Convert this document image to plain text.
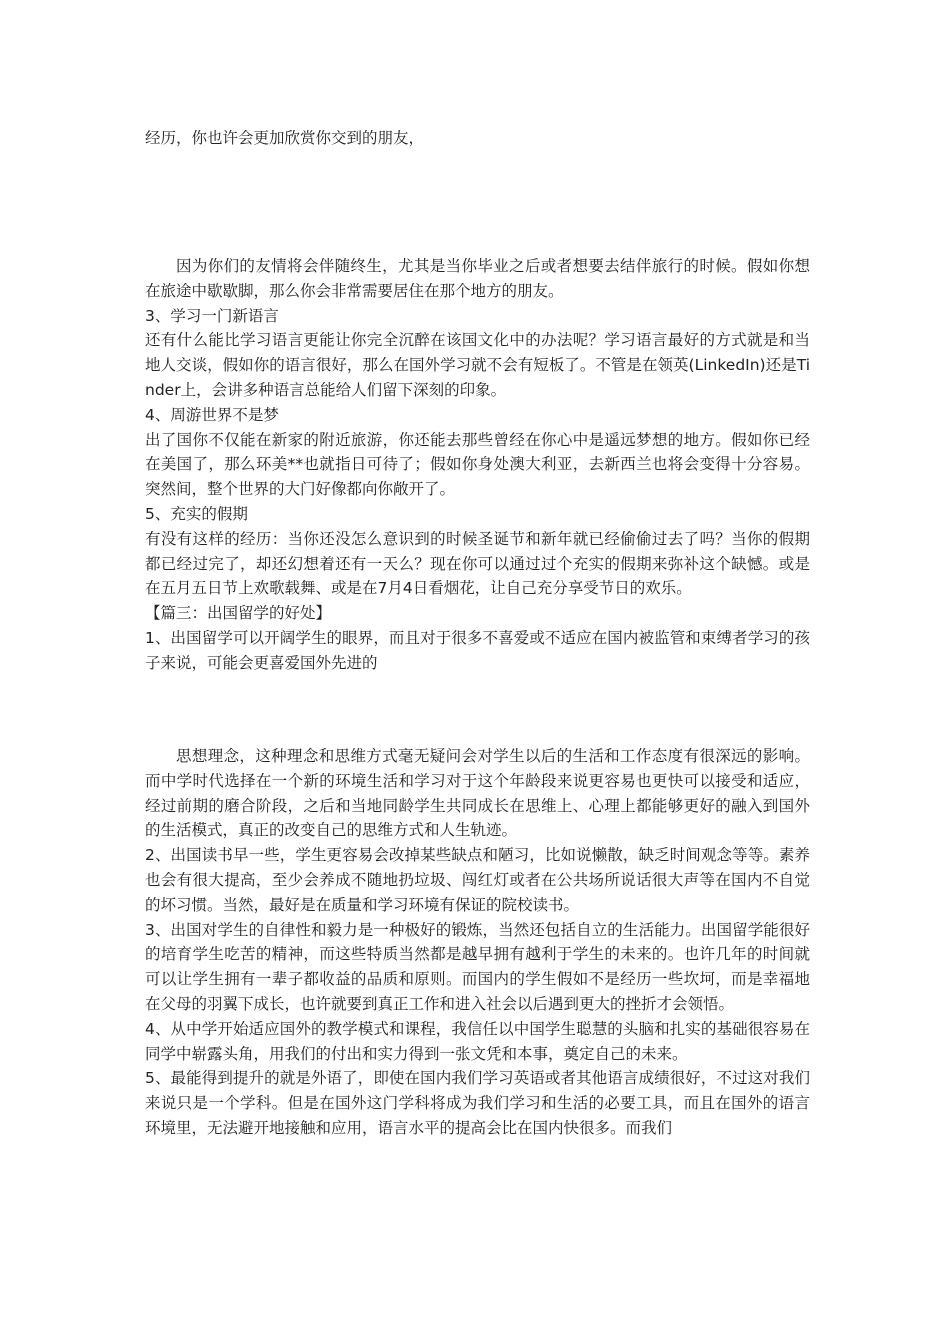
经历，你也许会更加欣赏你交到的朋友，

因为你们的友情将会伴随终生，尤其是当你毕业之后或者想要去结伴旅行的时候。假如你想在旅途中歇歇脚，那么你会非常需要居住在那个地方的朋友。

3、学习一门新语言

还有什么能比学习语言更能让你完全沉醉在该国文化中的办法呢？学习语言最好的方式就是和当地人交谈，假如你的语言很好，那么在国外学习就不会有短板了。不管是在领英(LinkedIn)还是Tinder上，会讲多种语言总能给人们留下深刻的印象。

4、周游世界不是梦

出了国你不仅能在新家的附近旅游，你还能去那些曾经在你心中是遥远梦想的地方。假如你已经在美国了，那么环美**也就指日可待了；假如你身处澳大利亚，去新西兰也将会变得十分容易。突然间，整个世界的大门好像都向你敞开了。

5、充实的假期

有没有这样的经历：当你还没怎么意识到的时候圣诞节和新年就已经偷偷过去了吗？当你的假期都已经过完了，却还幻想着还有一天么？现在你可以通过过个充实的假期来弥补这个缺憾。或是在五月五日节上欢歌载舞、或是在7月4日看烟花，让自己充分享受节日的欢乐。

【篇三：出国留学的好处】

1、出国留学可以开阔学生的眼界，而且对于很多不喜爱或不适应在国内被监管和束缚者学习的孩子来说，可能会更喜爱国外先进的

思想理念，这种理念和思维方式毫无疑问会对学生以后的生活和工作态度有很深远的影响。而中学时代选择在一个新的环境生活和学习对于这个年龄段来说更容易也更快可以接受和适应，经过前期的磨合阶段，之后和当地同龄学生共同成长在思维上、心理上都能够更好的融入到国外的生活模式，真正的改变自己的思维方式和人生轨迹。

2、出国读书早一些，学生更容易会改掉某些缺点和陋习，比如说懒散，缺乏时间观念等等。素养也会有很大提高，至少会养成不随地扔垃圾、闯红灯或者在公共场所说话很大声等在国内不自觉的坏习惯。当然，最好是在质量和学习环境有保证的院校读书。

3、出国对学生的自律性和毅力是一种极好的锻炼，当然还包括自立的生活能力。出国留学能很好的培育学生吃苦的精神，而这些特质当然都是越早拥有越利于学生的未来的。也许几年的时间就可以让学生拥有一辈子都收益的品质和原则。而国内的学生假如不是经历一些坎坷，而是幸福地在父母的羽翼下成长，也许就要到真正工作和进入社会以后遇到更大的挫折才会领悟。

4、从中学开始适应国外的教学模式和课程，我信任以中国学生聪慧的头脑和扎实的基础很容易在同学中崭露头角，用我们的付出和实力得到一张文凭和本事，奠定自己的未来。

5、最能得到提升的就是外语了，即使在国内我们学习英语或者其他语言成绩很好，不过这对我们来说只是一个学科。但是在国外这门学科将成为我们学习和生活的必要工具，而且在国外的语言环境里，无法避开地接触和应用，语言水平的提高会比在国内快很多。而我们
